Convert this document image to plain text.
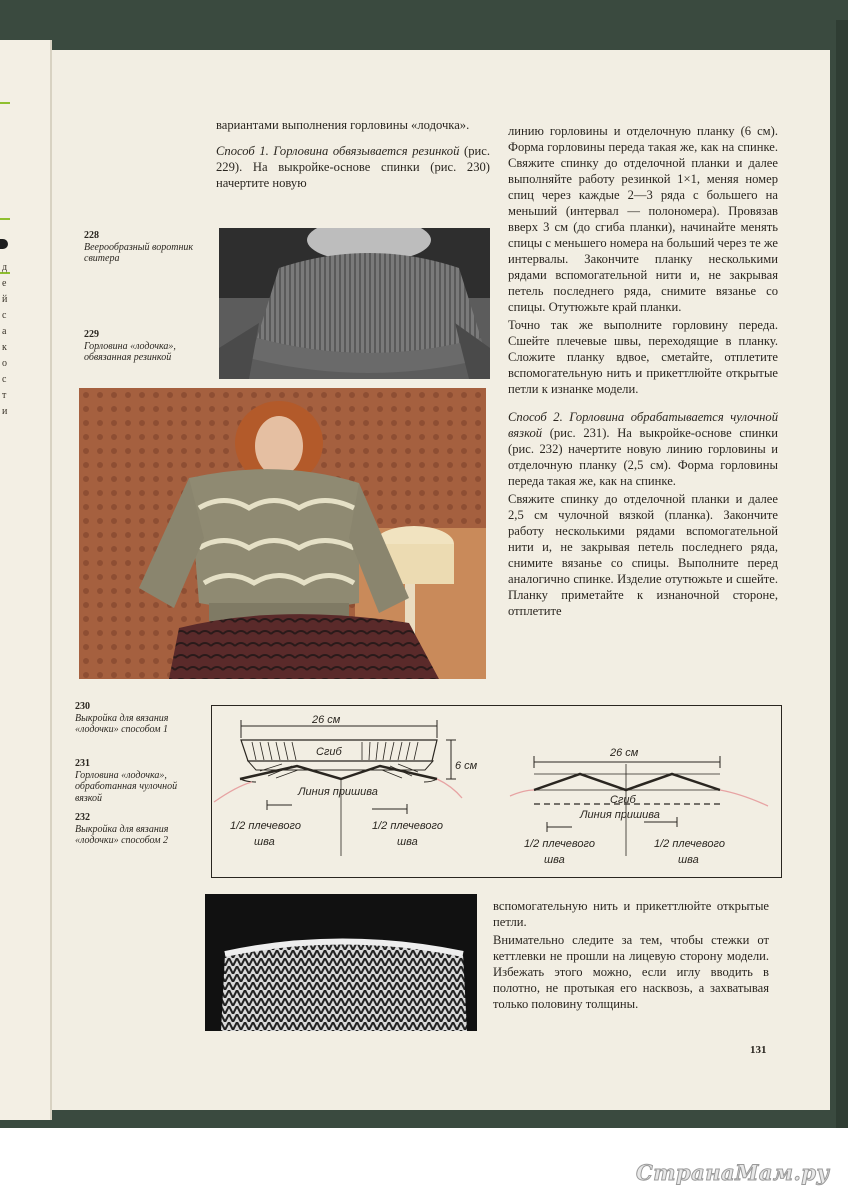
д
е
й
с
а
к
о
с
т
и

вариантами выполнения горловины «лодочка».

Способ 1. Горловина обвязывается резинкой (рис. 229). На выкройке-основе спинки (рис. 230) начертите новую

линию горловины и отделочную планку (6 см). Форма горловины переда такая же, как на спинке. Свяжите спинку до отделочной планки и далее выполняйте работу резинкой 1×1, меняя номер спиц через каждые 2—3 ряда с большего на меньший (интервал — полономера). Провязав вверх 3 см (до сгиба планки), начинайте менять спицы с меньшего номера на больший через те же интервалы. Закончите планку несколькими рядами вспомогательной нити и, не закрывая петель последнего ряда, снимите вязанье со спицы. Отутюжьте край планки.

Точно так же выполните горловину переда. Сшейте плечевые швы, переходящие в планку. Сложите планку вдвое, сметайте, отплетите вспомогательную нить и прикеттлюйте открытые петли к изнанке модели.

Способ 2. Горловина обрабатывается чулочной вязкой (рис. 231). На выкройке-основе спинки (рис. 232) начертите новую линию горловины и отделочную планку (2,5 см). Форма горловины переда такая же, как на спинке.

Свяжите спинку до отделочной планки и далее 2,5 см чулочной вязкой (планка). Закончите работу несколькими рядами вспомогательной нити и, не закрывая петель последнего ряда, снимите вязанье со спицы. Выполните перед аналогично спинке. Изделие отутюжьте и сшейте. Планку приметайте к изнаночной стороне, отплетите

вспомогательную нить и прикеттлюйте открытые петли.

Внимательно следите за тем, чтобы стежки от кеттлевки не прошли на лицевую сторону модели. Избежать этого можно, если иглу вводить в полотно, не протыкая его насквозь, а захватывая только половину толщины.

228
Веерообразный воротник свитера
229
Горловина «лодочка», обвязанная резинкой
230
Выкройка для вязания «лодочки» способом 1
231
Горловина «лодочка», обработанная чулочной вязкой
232
Выкройка для вязания «лодочки» способом 2
26 см
Сгиб
6 см
Линия пришива
1/2 плечевого
шва
1/2 плечевого
шва
26 см
Сгиб
Линия пришива
1/2 плечевого
шва
1/2 плечевого
шва
131
СтранаМам.ру
